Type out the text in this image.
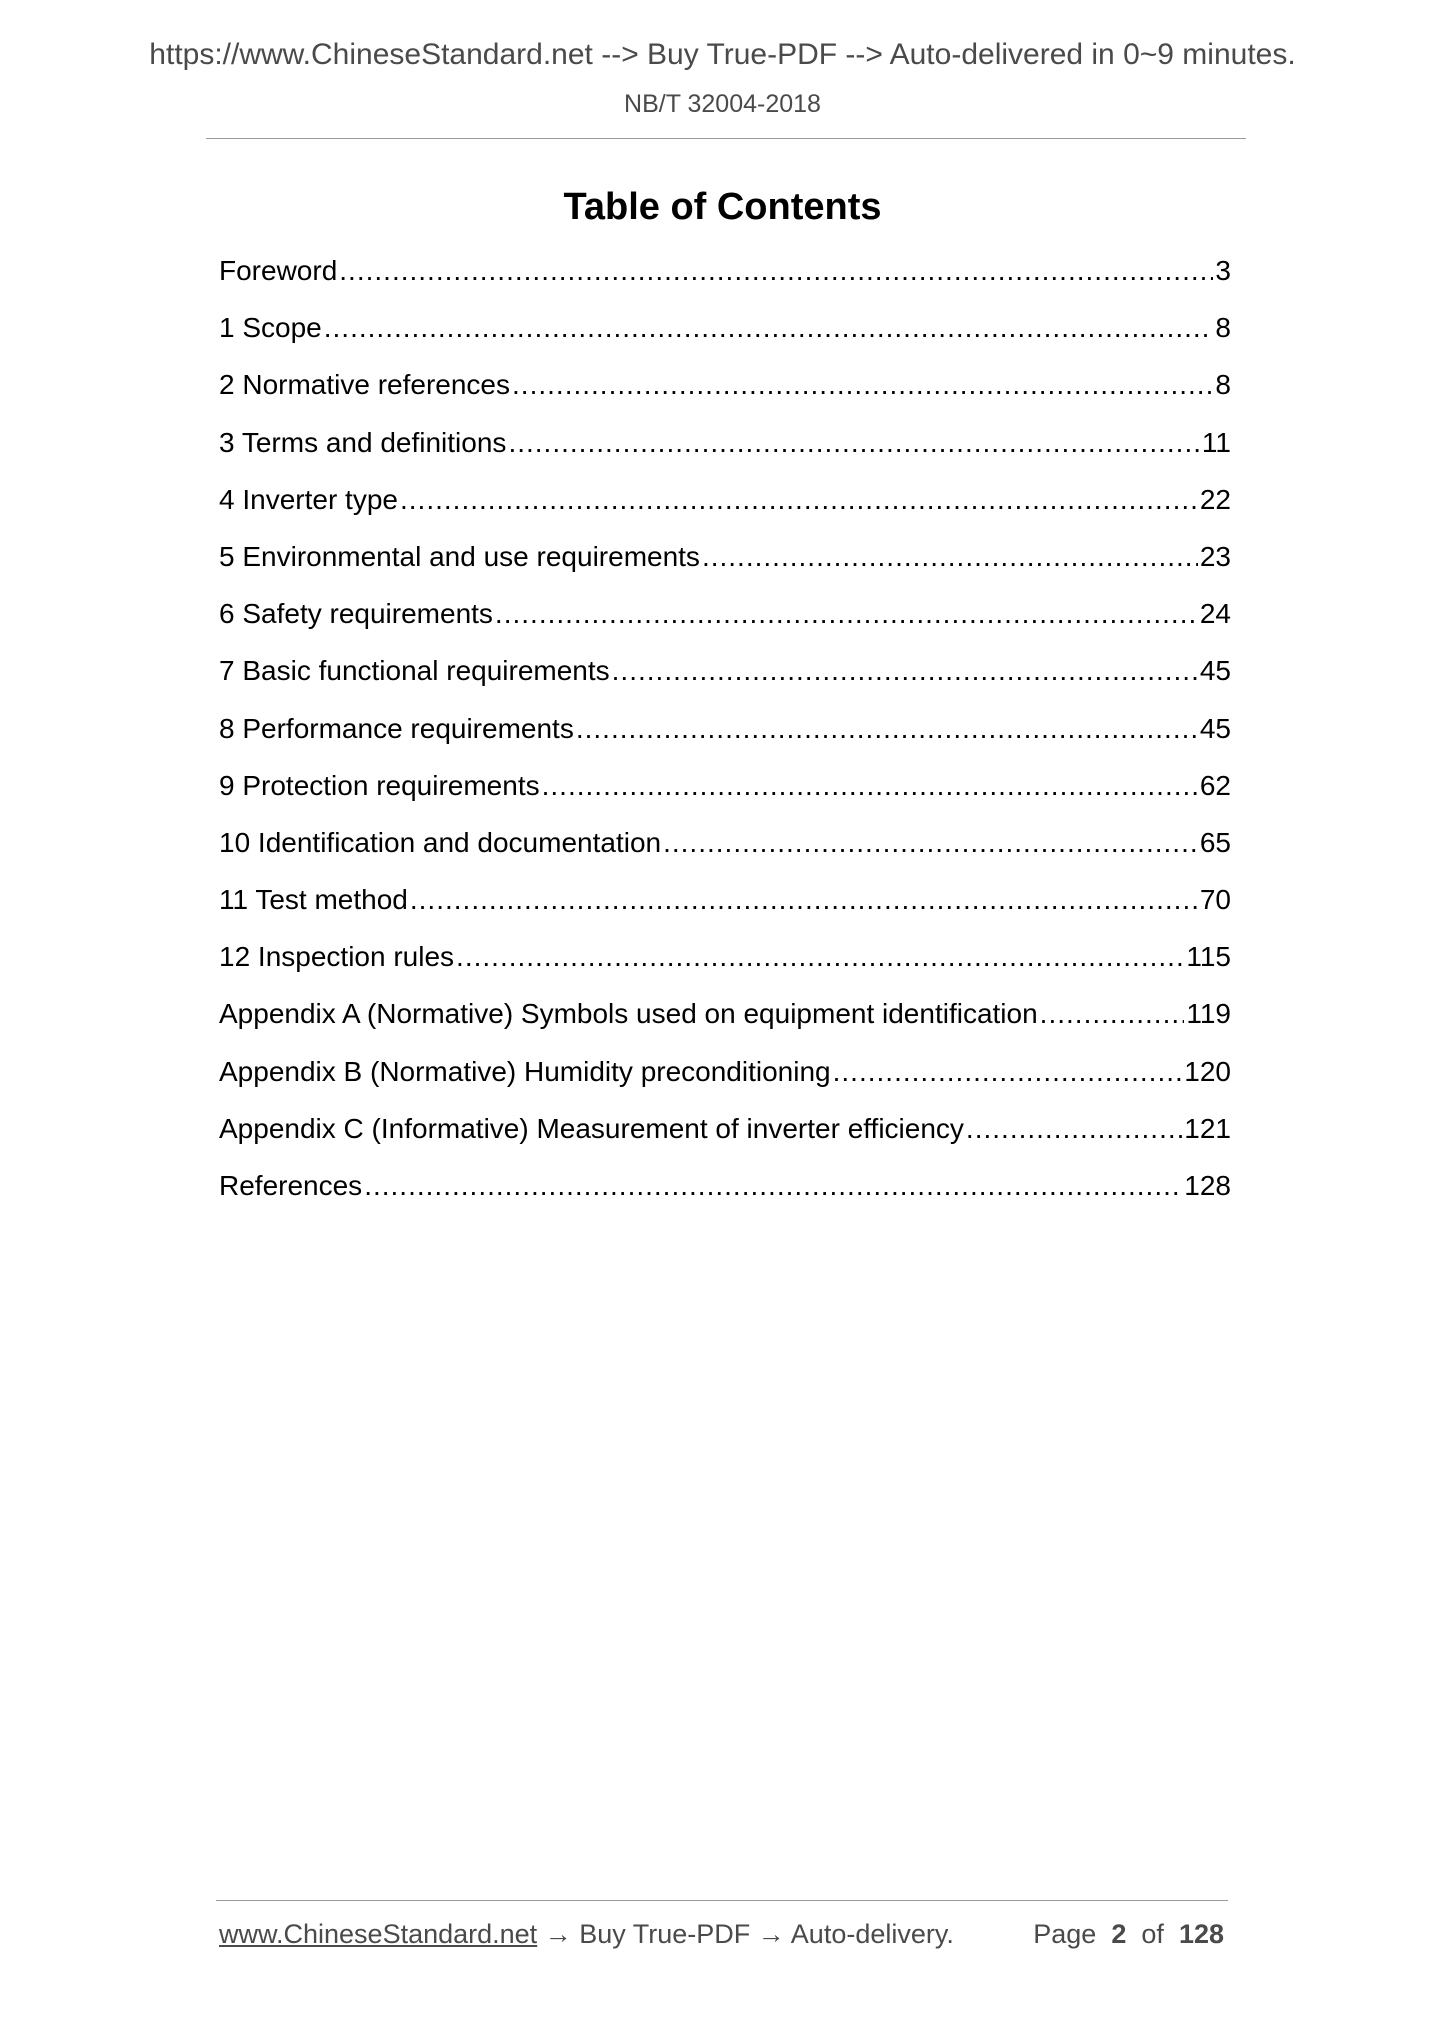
https://www.ChineseStandard.net --> Buy True-PDF --> Auto-delivered in 0~9 minutes.
NB/T 32004-2018
Table of Contents
Foreword .....	3
1 Scope .....	8
2 Normative references .....	8
3 Terms and definitions .....	11
4 Inverter type .....	22
5 Environmental and use requirements .....	23
6 Safety requirements .....	24
7 Basic functional requirements .....	45
8 Performance requirements .....	45
9 Protection requirements .....	62
10 Identification and documentation .....	65
11 Test method .....	70
12 Inspection rules .....	115
Appendix A (Normative) Symbols used on equipment identification .....	119
Appendix B (Normative) Humidity preconditioning .....	120
Appendix C (Informative) Measurement of inverter efficiency .....	121
References .....	128
www.ChineseStandard.net → Buy True-PDF → Auto-delivery.	Page 2 of 128
